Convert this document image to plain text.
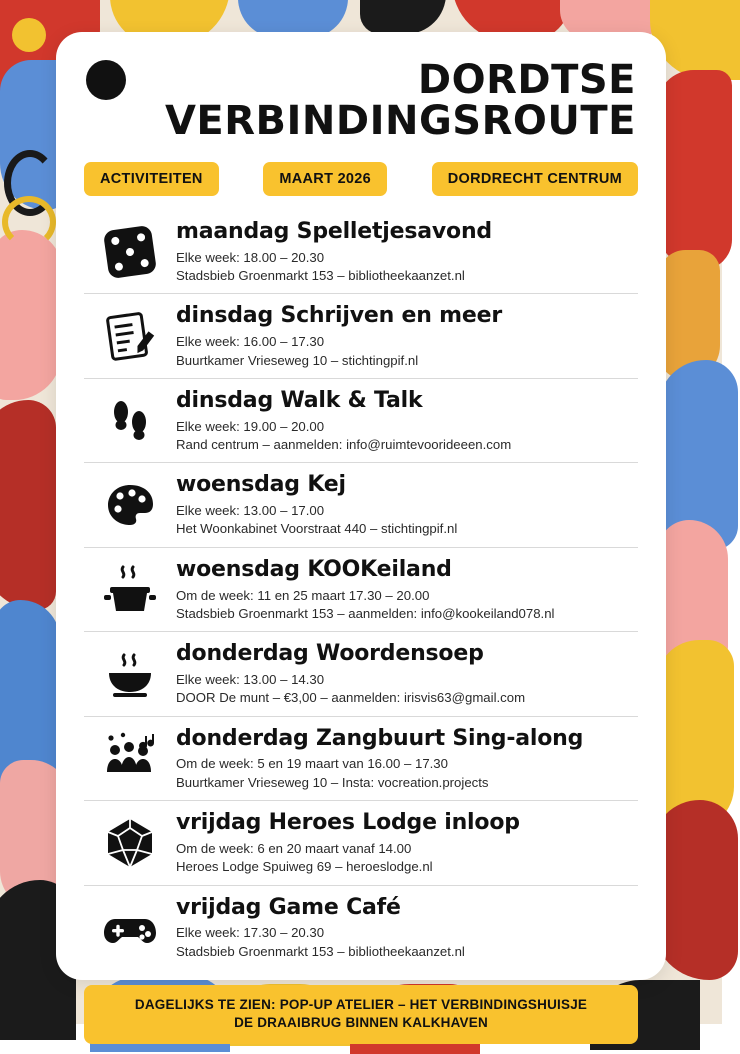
DORDTSE
VERBINDINGSROUTE
ACTIVITEITEN	MAART 2026	DORDRECHT CENTRUM
maandag Spelletjesavond
Elke week: 18.00 – 20.30
Stadsbieb Groenmarkt 153 – bibliotheekaanzet.nl
dinsdag Schrijven en meer
Elke week: 16.00 – 17.30
Buurtkamer Vrieseweg 10 – stichtingpif.nl
dinsdag Walk & Talk
Elke week: 19.00 – 20.00
Rand centrum – aanmelden: info@ruimtevoorideeen.com
woensdag Kej
Elke week: 13.00 – 17.00
Het Woonkabinet Voorstraat 440 – stichtingpif.nl
woensdag KOOKeiland
Om de week: 11 en 25 maart 17.30 – 20.00
Stadsbieb Groenmarkt 153 – aanmelden: info@kookeiland078.nl
donderdag Woordensoep
Elke week: 13.00 – 14.30
DOOR De munt – €3,00 – aanmelden: irisvis63@gmail.com
donderdag Zangbuurt Sing-along
Om de week: 5 en 19 maart van 16.00 – 17.30
Buurtkamer Vrieseweg 10 – Insta: vocreation.projects
vrijdag Heroes Lodge inloop
Om de week: 6 en 20 maart vanaf 14.00
Heroes Lodge Spuiweg 69 – heroeslodge.nl
vrijdag Game Café
Elke week: 17.30 – 20.30
Stadsbieb Groenmarkt 153 – bibliotheekaanzet.nl
DAGELIJKS TE ZIEN: POP-UP ATELIER – HET VERBINDINGSHUISJE
DE DRAAIBRUG BINNEN KALKHAVEN
